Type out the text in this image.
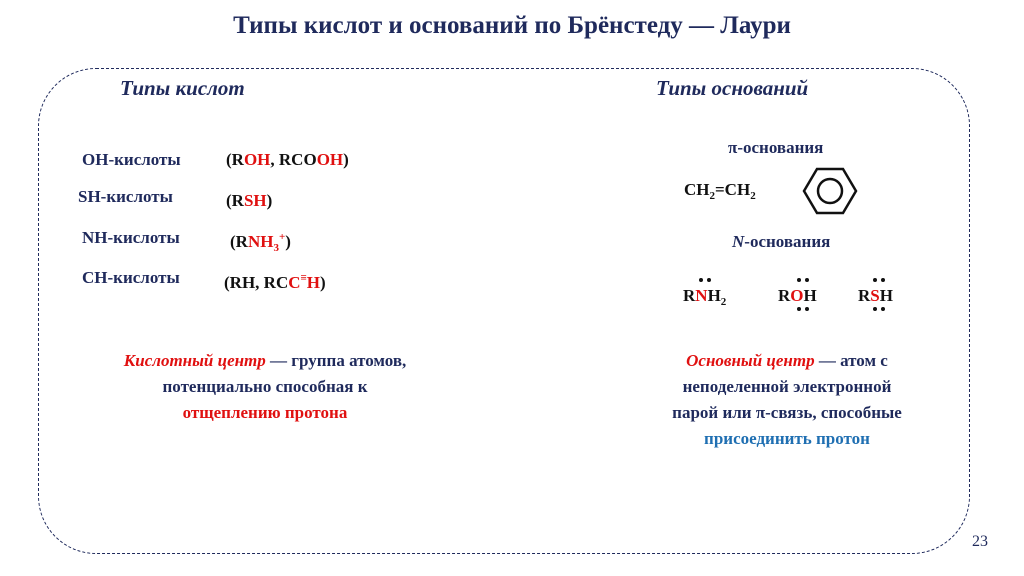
Типы кислот и оснований по Брёнстеду — Лаури
Типы кислот
OH-кислоты	(ROH, RCOOH)
SH-кислоты	(RSH)
NH-кислоты	$(RNH_3^+)$
CH-кислоты	(RH, RCC≡H)
Кислотный центр — группа атомов,
потенциально способная к
отщеплению протона
Типы оснований
π-основания
$CH_2=CH_2$
N-основания
$RNH_2$	ROH RSH
Основный центр — атом с
неподеленной электронной
парой или π-связь, способные
присоединить протон
23
